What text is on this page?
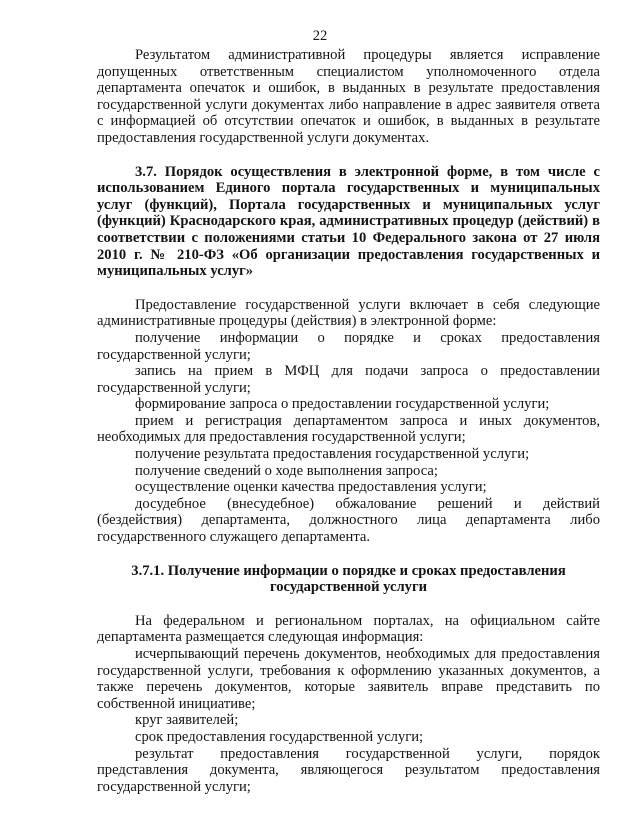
22

Результатом административной процедуры является исправление допущенных ответственным специалистом уполномоченного отдела департамента опечаток и ошибок, в выданных в результате предоставления государственной услуги документах либо направление в адрес заявителя ответа с информацией об отсутствии опечаток и ошибок, в выданных в результате предоставления государственной услуги документах.

3.7. Порядок осуществления в электронной форме, в том числе с использованием Единого портала государственных и муниципальных услуг (функций), Портала государственных и муниципальных услуг (функций) Краснодарского края, административных процедур (действий) в соответствии с положениями статьи 10 Федерального закона от 27 июля 2010 г. № 210-ФЗ «Об организации предоставления государственных и муниципальных услуг»

Предоставление государственной услуги включает в себя следующие административные процедуры (действия) в электронной форме:

получение информации о порядке и сроках предоставления государственной услуги;

запись на прием в МФЦ для подачи запроса о предоставлении государственной услуги;

формирование запроса о предоставлении государственной услуги;

прием и регистрация департаментом запроса и иных документов, необходимых для предоставления государственной услуги;

получение результата предоставления государственной услуги;

получение сведений о ходе выполнения запроса;

осуществление оценки качества предоставления услуги;

досудебное (внесудебное) обжалование решений и действий (бездействия) департамента, должностного лица департамента либо государственного служащего департамента.

3.7.1. Получение информации о порядке и сроках предоставления
государственной услуги

На федеральном и региональном порталах, на официальном сайте департамента размещается следующая информация:

исчерпывающий перечень документов, необходимых для предоставления государственной услуги, требования к оформлению указанных документов, а также перечень документов, которые заявитель вправе представить по собственной инициативе;

круг заявителей;

срок предоставления государственной услуги;

результат предоставления государственной услуги, порядок представления документа, являющегося результатом предоставления государственной услуги;
